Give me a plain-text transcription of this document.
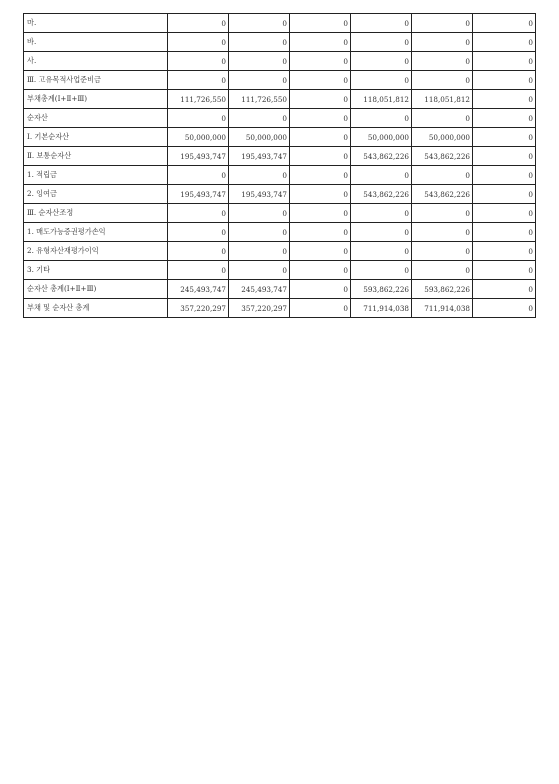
마.	0	0	0	0	0	0
바.	0	0	0	0	0	0
사.	0	0	0	0	0	0
Ⅲ. 고유목적사업준비금	0	0	0	0	0	0
부채총계(Ⅰ+Ⅱ+Ⅲ)	111,726,550	111,726,550	0	118,051,812	118,051,812	0
순자산	0	0	0	0	0	0
Ⅰ. 기본순자산	50,000,000	50,000,000	0	50,000,000	50,000,000	0
Ⅱ. 보통순자산	195,493,747	195,493,747	0	543,862,226	543,862,226	0
1. 적립금	0	0	0	0	0	0
2. 잉여금	195,493,747	195,493,747	0	543,862,226	543,862,226	0
Ⅲ. 순자산조정	0	0	0	0	0	0
1. 매도가능증권평가손익	0	0	0	0	0	0
2. 유형자산재평가이익	0	0	0	0	0	0
3. 기타	0	0	0	0	0	0
순자산 총계(Ⅰ+Ⅱ+Ⅲ)	245,493,747	245,493,747	0	593,862,226	593,862,226	0
부채 및 순자산 총계	357,220,297	357,220,297	0	711,914,038	711,914,038	0
